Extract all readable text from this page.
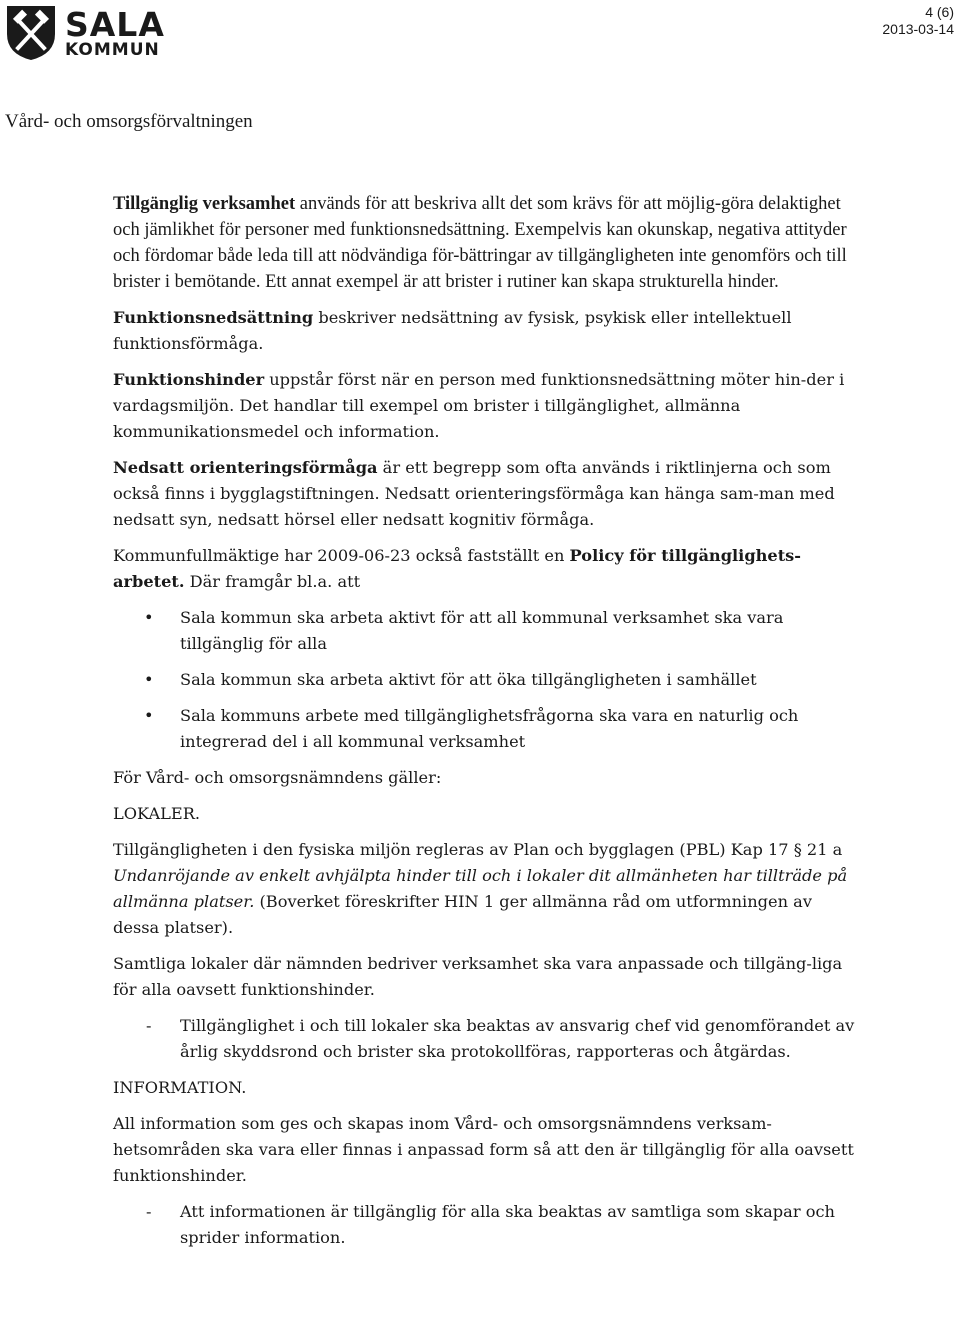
SALA
KOMMUN
4 (6)
2013-03-14
Vård- och omsorgsförvaltningen

Tillgänglig verksamhet används för att beskriva allt det som krävs för att möjlig-göra delaktighet och jämlikhet för personer med funktionsnedsättning. Exempelvis kan okunskap, negativa attityder och fördomar både leda till att nödvändiga för-bättringar av tillgängligheten inte genomförs och till brister i bemötande. Ett annat exempel är att brister i rutiner kan skapa strukturella hinder.

Funktionsnedsättning beskriver nedsättning av fysisk, psykisk eller intellektuell funktionsförmåga.

Funktionshinder uppstår först när en person med funktionsnedsättning möter hin-der i vardagsmiljön. Det handlar till exempel om brister i tillgänglighet, allmänna kommunikationsmedel och information.

Nedsatt orienteringsförmåga är ett begrepp som ofta används i riktlinjerna och som också finns i bygglagstiftningen. Nedsatt orienteringsförmåga kan hänga sam-man med nedsatt syn, nedsatt hörsel eller nedsatt kognitiv förmåga.

Kommunfullmäktige har 2009-06-23 också fastställt en Policy för tillgänglighets-arbetet. Där framgår bl.a. att

• Sala kommun ska arbeta aktivt för att all kommunal verksamhet ska vara tillgänglig för alla
• Sala kommun ska arbeta aktivt för att öka tillgängligheten i samhället
• Sala kommuns arbete med tillgänglighetsfrågorna ska vara en naturlig och integrerad del i all kommunal verksamhet

För Vård- och omsorgsnämndens gäller:

LOKALER.

Tillgängligheten i den fysiska miljön regleras av Plan och bygglagen (PBL) Kap 17 § 21 a Undanröjande av enkelt avhjälpta hinder till och i lokaler dit allmänheten har tillträde på allmänna platser. (Boverket föreskrifter HIN 1 ger allmänna råd om utformningen av dessa platser).

Samtliga lokaler där nämnden bedriver verksamhet ska vara anpassade och tillgäng-liga för alla oavsett funktionshinder.

- Tillgänglighet i och till lokaler ska beaktas av ansvarig chef vid genomförandet av årlig skyddsrond och brister ska protokollföras, rapporteras och åtgärdas.

INFORMATION.

All information som ges och skapas inom Vård- och omsorgsnämndens verksam-hetsområden ska vara eller finnas i anpassad form så att den är tillgänglig för alla oavsett funktionshinder.

- Att informationen är tillgänglig för alla ska beaktas av samtliga som skapar och sprider information.
